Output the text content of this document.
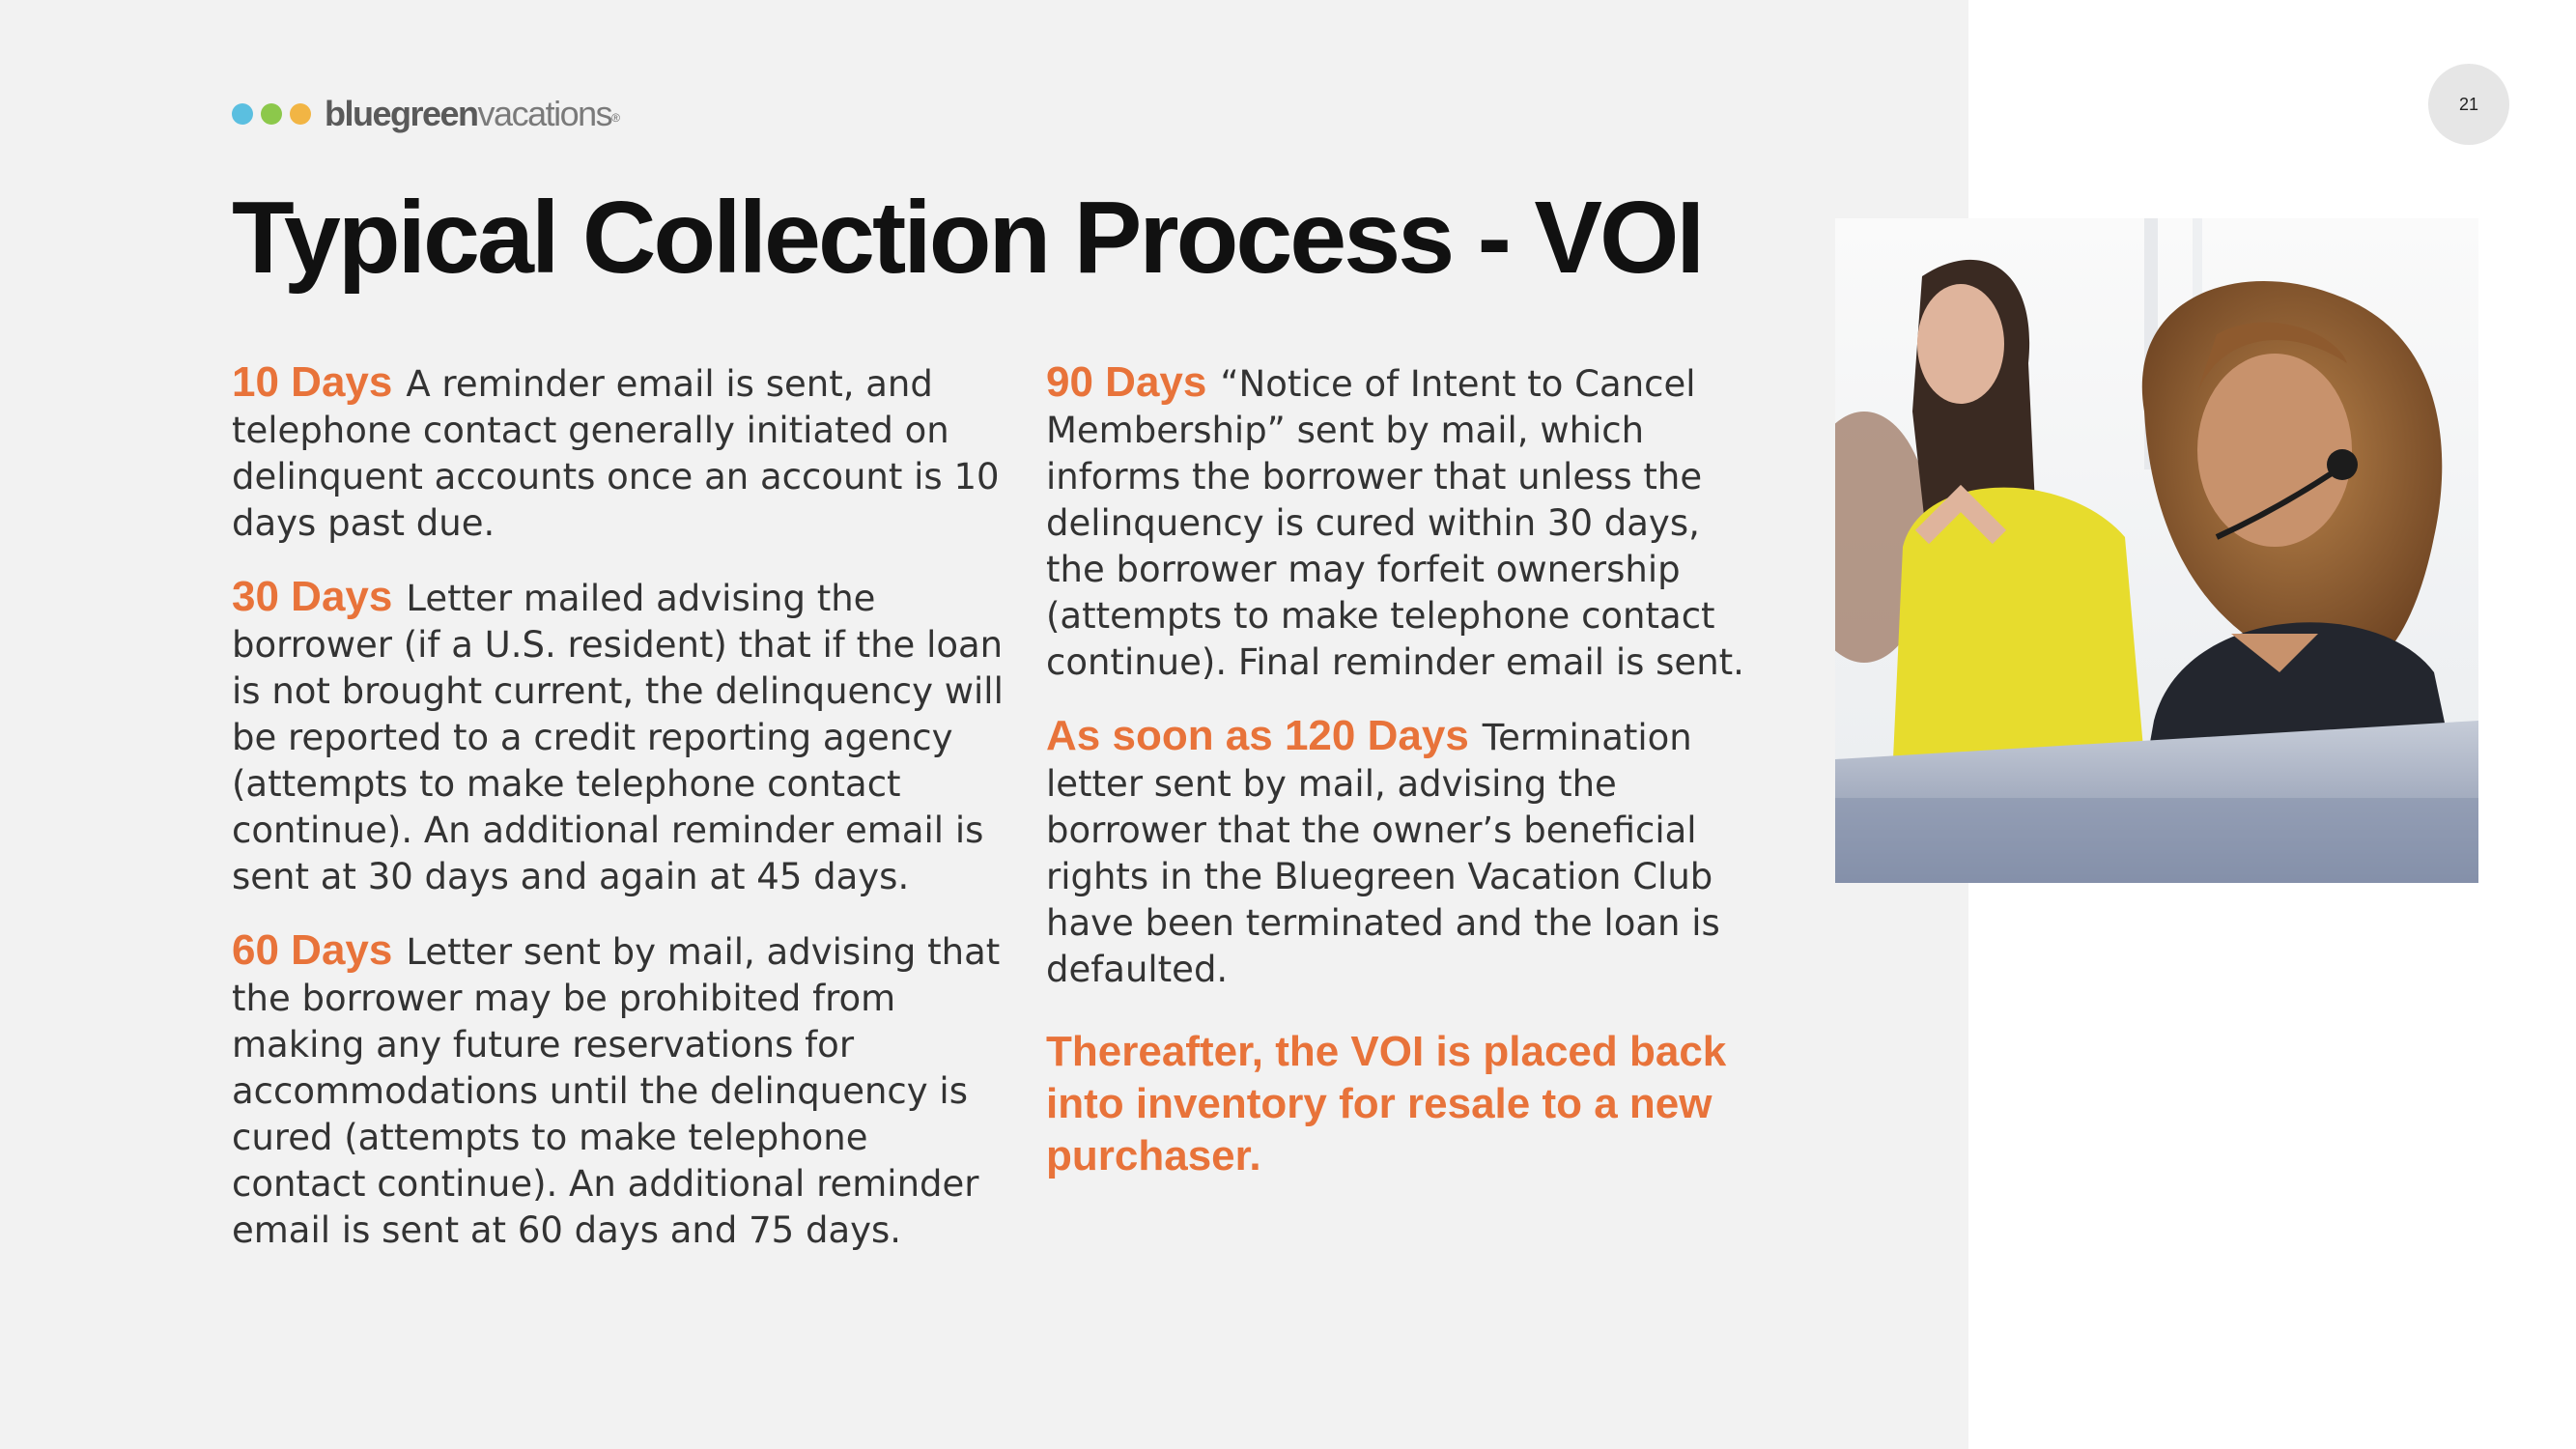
bluegreenvacations®
21
Typical Collection Process - VOI

10 Days A reminder email is sent, and telephone contact generally initiated on delinquent accounts once an account is 10 days past due.

30 Days Letter mailed advising the borrower (if a U.S. resident) that if the loan is not brought current, the delinquency will be reported to a credit reporting agency (attempts to make telephone contact continue). An additional reminder email is sent at 30 days and again at 45 days.

60 Days Letter sent by mail, advising that the borrower may be prohibited from making any future reservations for accommodations until the delinquency is cured (attempts to make telephone contact continue). An additional reminder email is sent at 60 days and 75 days.

90 Days “Notice of Intent to Cancel Membership” sent by mail, which informs the borrower that unless the delinquency is cured within 30 days, the borrower may forfeit ownership (attempts to make telephone contact continue). Final reminder email is sent.

As soon as 120 Days Termination letter sent by mail, advising the borrower that the owner’s beneficial rights in the Bluegreen Vacation Club have been terminated and the loan is defaulted.

Thereafter, the VOI is placed back into inventory for resale to a new purchaser.
